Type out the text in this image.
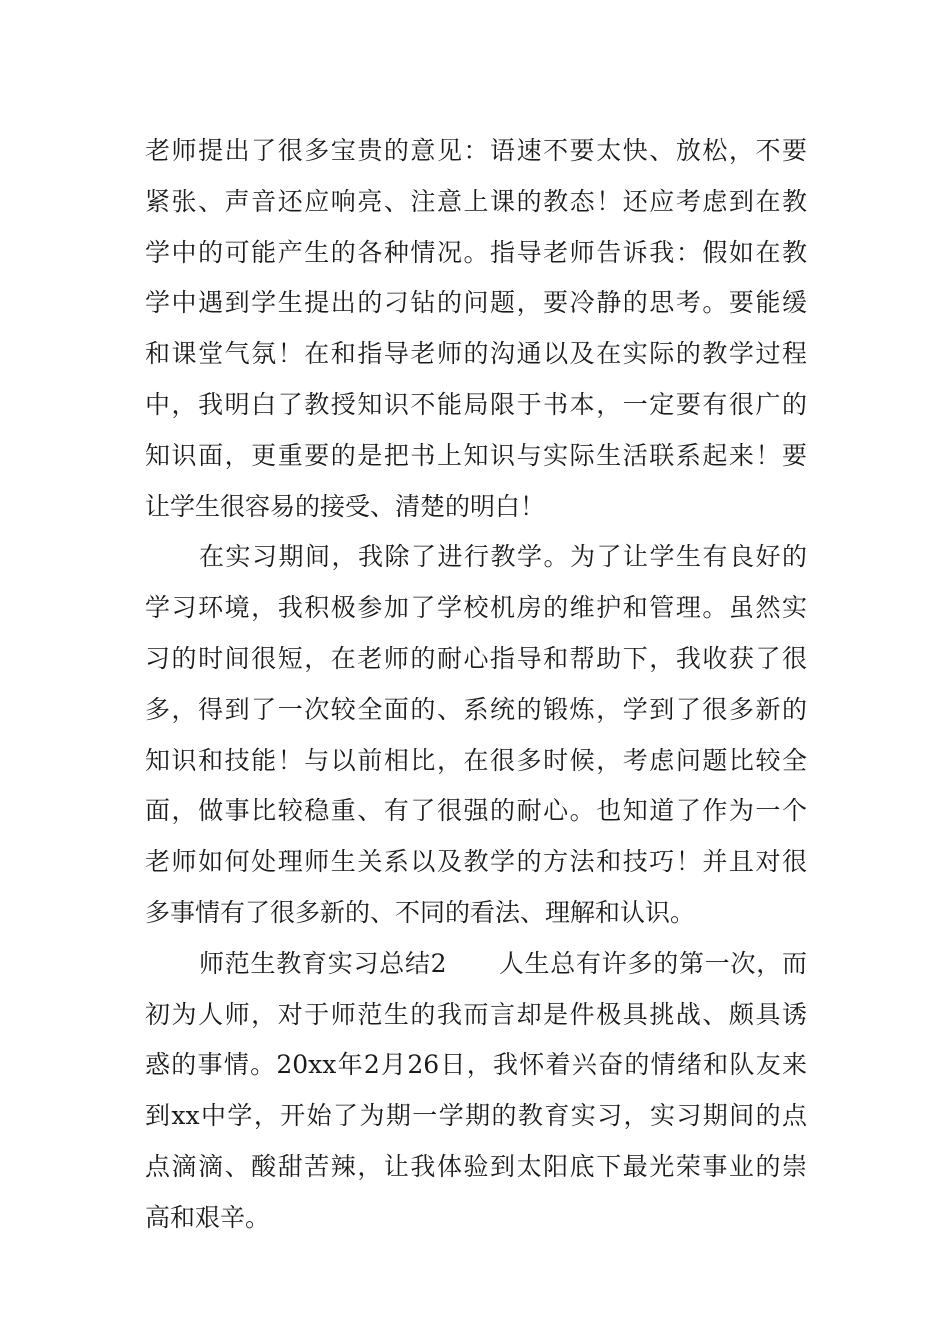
老师提出了很多宝贵的意见：语速不要太快、放松，不要
紧张、声音还应响亮、注意上课的教态！还应考虑到在教
学中的可能产生的各种情况。指导老师告诉我：假如在教
学中遇到学生提出的刁钻的问题，要冷静的思考。要能缓
和课堂气氛！在和指导老师的沟通以及在实际的教学过程
中，我明白了教授知识不能局限于书本，一定要有很广的
知识面，更重要的是把书上知识与实际生活联系起来！要
让学生很容易的接受、清楚的明白！
在实习期间，我除了进行教学。为了让学生有良好的
学习环境，我积极参加了学校机房的维护和管理。虽然实
习的时间很短，在老师的耐心指导和帮助下，我收获了很
多，得到了一次较全面的、系统的锻炼，学到了很多新的
知识和技能！与以前相比，在很多时候，考虑问题比较全
面，做事比较稳重、有了很强的耐心。也知道了作为一个
老师如何处理师生关系以及教学的方法和技巧！并且对很
多事情有了很多新的、不同的看法、理解和认识。
师范生教育实习总结2　　人生总有许多的第一次，而
初为人师，对于师范生的我而言却是件极具挑战、颇具诱
惑的事情。20xx年2月26日，我怀着兴奋的情绪和队友来
到xx中学，开始了为期一学期的教育实习，实习期间的点
点滴滴、酸甜苦辣，让我体验到太阳底下最光荣事业的崇
高和艰辛。
